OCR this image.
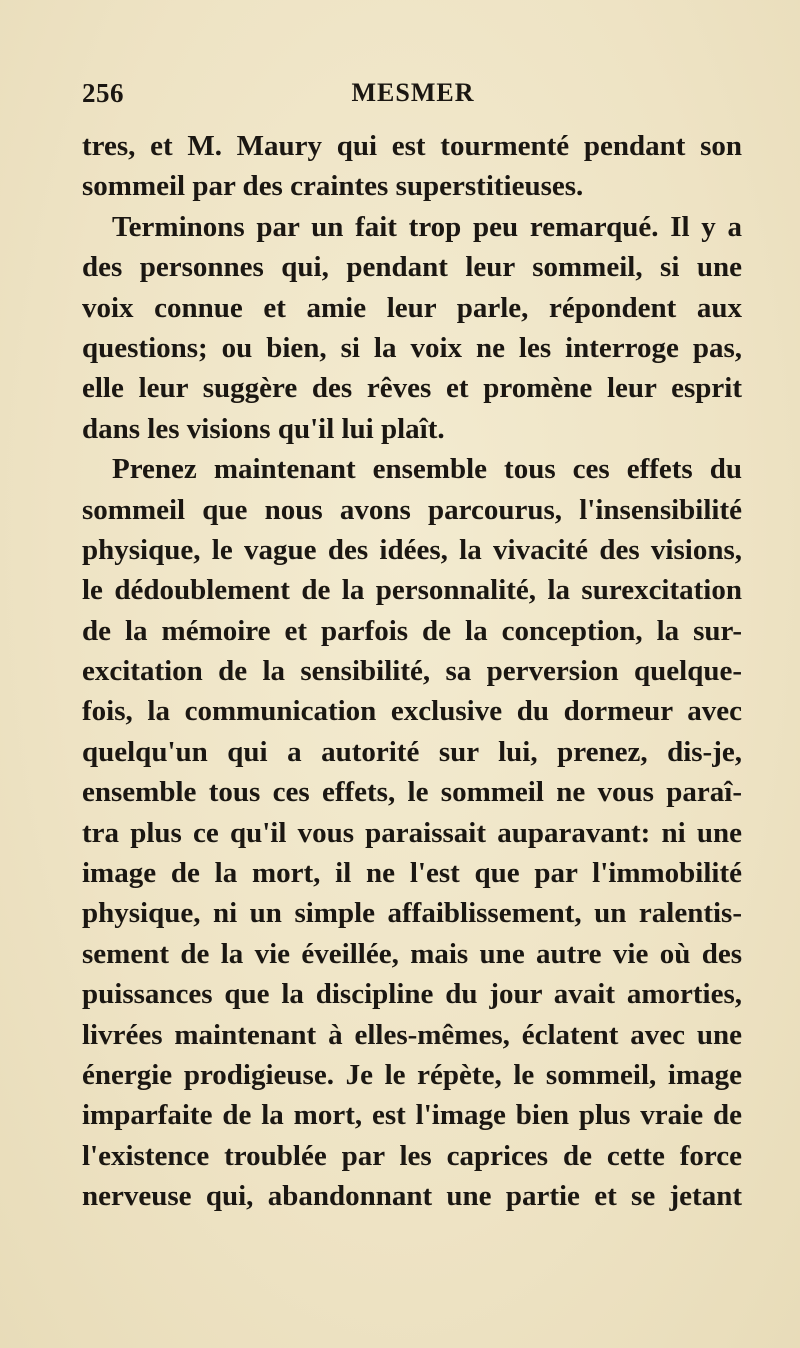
256	MESMER
tres, et M. Maury qui est tourmenté pendant son
sommeil par des craintes superstitieuses.
Terminons par un fait trop peu remarqué. Il y a
des personnes qui, pendant leur sommeil, si une
voix connue et amie leur parle, répondent aux
questions; ou bien, si la voix ne les interroge pas,
elle leur suggère des rêves et promène leur esprit
dans les visions qu'il lui plaît.
Prenez maintenant ensemble tous ces effets du
sommeil que nous avons parcourus, l'insensibilité
physique, le vague des idées, la vivacité des visions,
le dédoublement de la personnalité, la surexcitation
de la mémoire et parfois de la conception, la sur-
excitation de la sensibilité, sa perversion quelque-
fois, la communication exclusive du dormeur avec
quelqu'un qui a autorité sur lui, prenez, dis-je,
ensemble tous ces effets, le sommeil ne vous paraî-
tra plus ce qu'il vous paraissait auparavant: ni une
image de la mort, il ne l'est que par l'immobilité
physique, ni un simple affaiblissement, un ralentis-
sement de la vie éveillée, mais une autre vie où des
puissances que la discipline du jour avait amorties,
livrées maintenant à elles-mêmes, éclatent avec une
énergie prodigieuse. Je le répète, le sommeil, image
imparfaite de la mort, est l'image bien plus vraie de
l'existence troublée par les caprices de cette force
nerveuse qui, abandonnant une partie et se jetant
